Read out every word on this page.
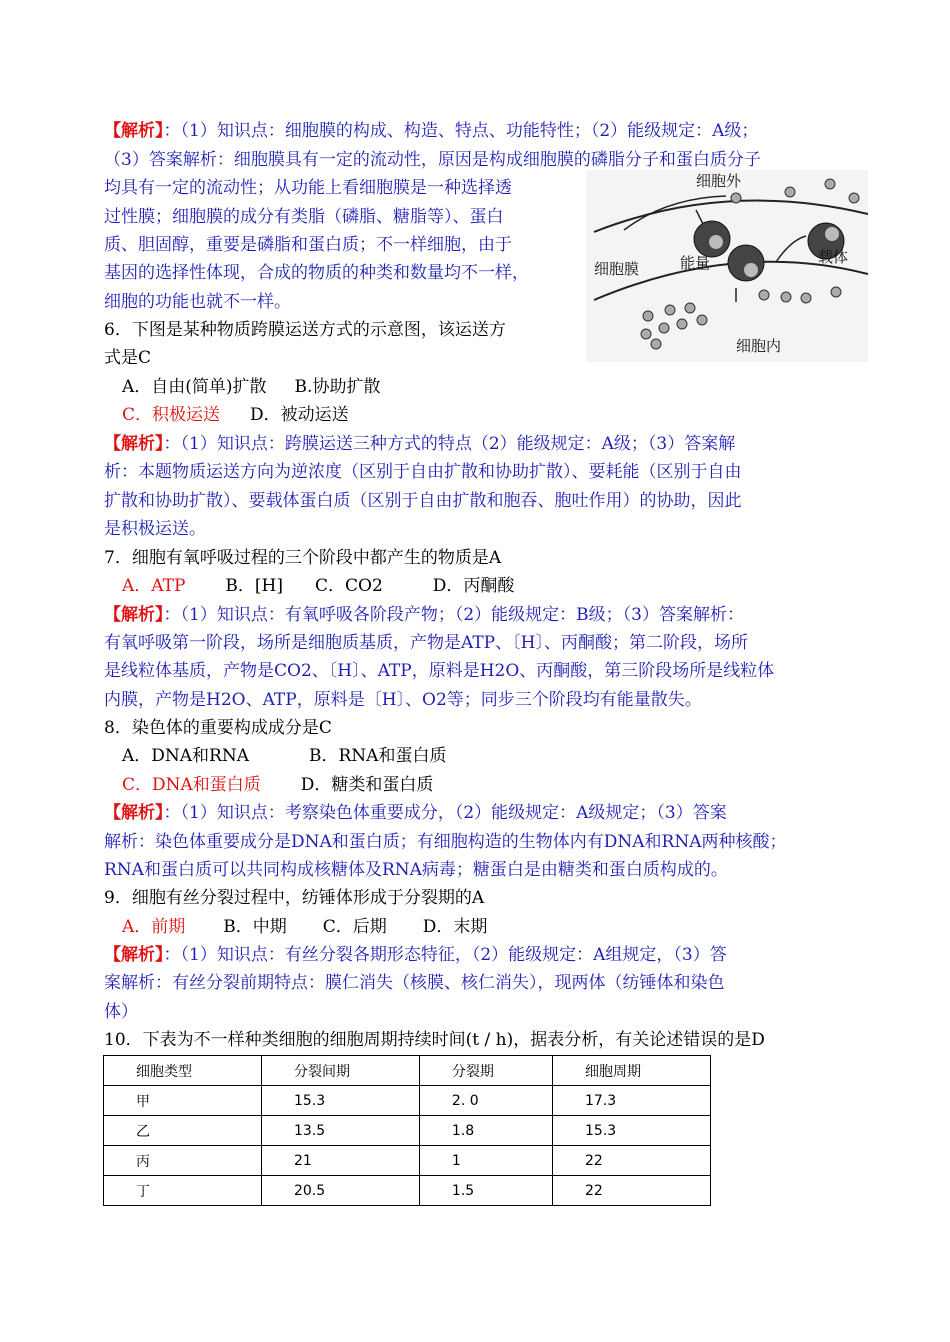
【解析】：（1）知识点：细胞膜的构成、构造、特点、功能特性；（2）能级规定：A级；
（3）答案解析：细胞膜具有一定的流动性，原因是构成细胞膜的磷脂分子和蛋白质分子
均具有一定的流动性；从功能上看细胞膜是一种选择透
过性膜；细胞膜的成分有类脂（磷脂、糖脂等）、蛋白
质、胆固醇，重要是磷脂和蛋白质；不一样细胞，由于
基因的选择性体现，合成的物质的种类和数量均不一样，
细胞的功能也就不一样。
6．下图是某种物质跨膜运送方式的示意图，该运送方
式是C
A．自由(简单)扩散 B.协助扩散
C．积极运送 D．被动运送
细胞外
细胞膜	能量	载体
细胞内
【解析】：（1）知识点：跨膜运送三种方式的特点（2）能级规定：A级；（3）答案解
析：本题物质运送方向为逆浓度（区别于自由扩散和协助扩散）、要耗能（区别于自由
扩散和协助扩散）、要载体蛋白质（区别于自由扩散和胞吞、胞吐作用）的协助，因此
是积极运送。
7．细胞有氧呼吸过程的三个阶段中都产生的物质是A
A．ATP B．[H] C．CO2	D．丙酮酸
【解析】：（1）知识点：有氧呼吸各阶段产物；（2）能级规定：B级；（3）答案解析：
有氧呼吸第一阶段，场所是细胞质基质，产物是ATP、〔H〕、丙酮酸；第二阶段，场所
是线粒体基质，产物是CO2、〔H〕、ATP，原料是H2O、丙酮酸，第三阶段场所是线粒体
内膜，产物是H2O、ATP，原料是〔H〕、O2等；同步三个阶段均有能量散失。
8．染色体的重要构成成分是C
A．DNA和RNA	B．RNA和蛋白质
C．DNA和蛋白质 D．糖类和蛋白质
【解析】：（1）知识点：考察染色体重要成分，（2）能级规定：A级规定；（3）答案
解析：染色体重要成分是DNA和蛋白质；有细胞构造的生物体内有DNA和RNA两种核酸；
RNA和蛋白质可以共同构成核糖体及RNA病毒；糖蛋白是由糖类和蛋白质构成的。
9．细胞有丝分裂过程中，纺锤体形成于分裂期的A
A．前期 B．中期 C．后期 D．末期
【解析】：（1）知识点：有丝分裂各期形态特征，（2）能级规定：A组规定，（3）答
案解析：有丝分裂前期特点：膜仁消失（核膜、核仁消失），现两体（纺锤体和染色
体）
10．下表为不一样种类细胞的细胞周期持续时间(t / h)，据表分析，有关论述错误的是D
细胞类型	分裂间期	分裂期	细胞周期
甲	15.3	2. 0	17.3
乙	13.5	1.8	15.3
丙	21	1	22
丁	20.5	1.5	22
